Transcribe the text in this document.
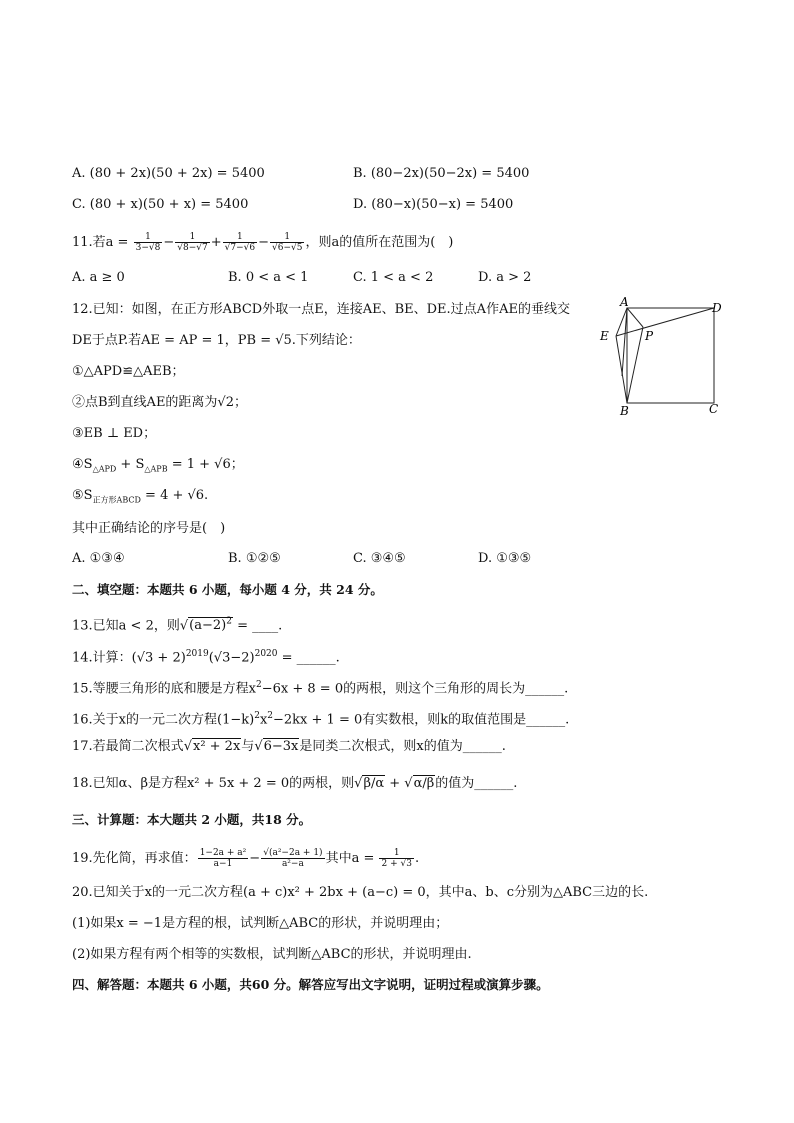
A. (80 + 2x)(50 + 2x) = 5400	B. (80−2x)(50−2x) = 5400
C. (80 + x)(50 + x) = 5400	D. (80−x)(50−x) = 5400
11.若$a = \frac{1}{3-√8} - \frac{1}{√8-√7} + \frac{1}{√7-√6} - \frac{1}{√6-√5}$ ，则a的值所在范围为(　)
A. a ≥ 0	B. 0 < a < 1	C. 1 < a < 2	D. a > 2
12.已知：如图，在正方形ABCD外取一点E，连接AE、BE、DE.过点A作AE的垂线交
DE于点P.若AE = AP = 1，PB = √5.下列结论：
①△APD≌△AEB；
②点B到直线AE的距离为√2；
③EB ⊥ ED；
$④S_{\triangle APD} + S_{\triangle APB} = 1 + √6$；
$⑤S_{正方形ABCD} = 4 + √6$.
其中正确结论的序号是(　)
A. ①③④	B. ①②⑤	C. ③④⑤	D. ①③⑤
A	D
E	P
B	C
二、填空题：本题共 6 小题，每小题 4 分，共 24 分。
13.已知a < 2，则$√(a-2)^2$ = ____.
14.计算：$(√3 + 2)^{2019}(√3-2)^{2020}$ = ______.
15.等腰三角形的底和腰是方程$x^2-6x + 8 = 0$的两根，则这个三角形的周长为______.
16.关于x的一元二次方程$(1-k)^2x^2-2kx + 1 = 0$有实数根，则k的取值范围是______.
17.若最简二次根式√x² + 2x与√6−3x是同类二次根式，则x的值为______.
18.已知α、β是方程x² + 5x + 2 = 0的两根，则√β/α + √α/β的值为______.
三、计算题：本大题共 2 小题，共18 分。
19.先化简，再求值： $\frac{\text{1−2a + a²}}{a-1} - \frac{\text{√(a²−2a + 1)}}{\text{a²−a}}$ 其中$a = \frac{1}{2 + √3}$ .
20.已知关于x的一元二次方程(a + c)x² + 2bx + (a−c) = 0，其中a、b、c分别为△ABC三边的长.
(1)如果x = −1是方程的根，试判断△ABC的形状，并说明理由；
(2)如果方程有两个相等的实数根，试判断△ABC的形状，并说明理由.
四、解答题：本题共 6 小题，共60 分。解答应写出文字说明，证明过程或演算步骤。
